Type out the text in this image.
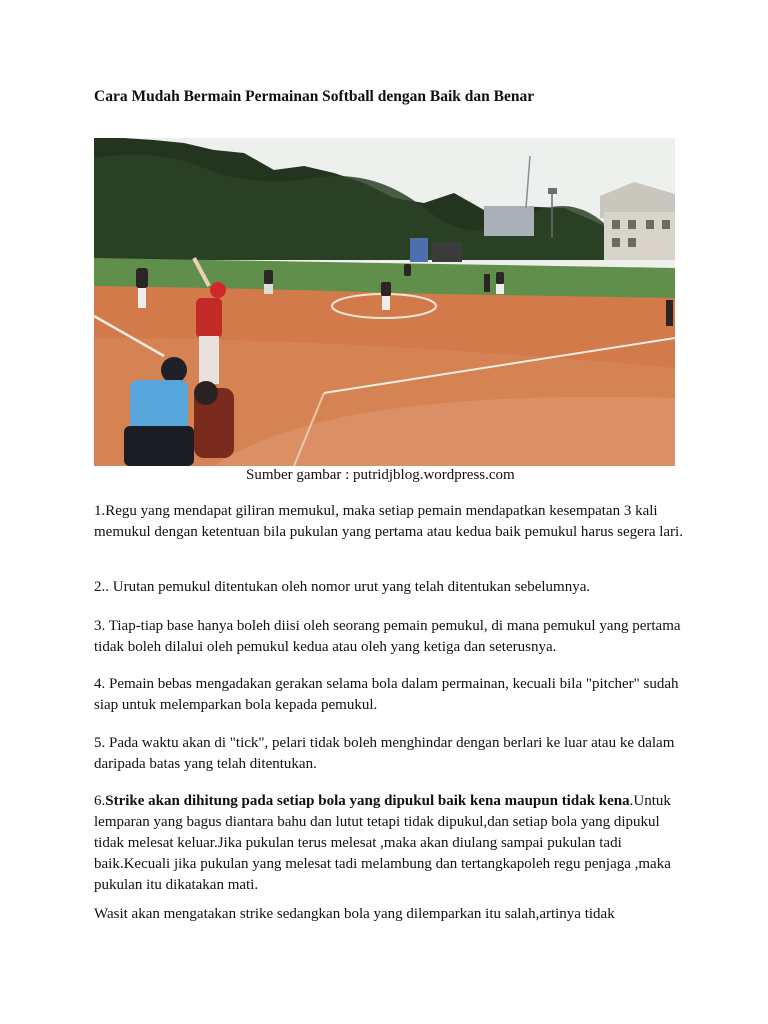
Cara Mudah Bermain Permainan Softball dengan Baik dan Benar
Sumber gambar : putridjblog.wordpress.com

1.Regu yang mendapat giliran memukul, maka setiap pemain mendapatkan kesempatan 3 kali memukul dengan ketentuan bila pukulan yang pertama atau kedua baik pemukul harus segera lari.

2.. Urutan pemukul ditentukan oleh nomor urut yang telah ditentukan sebelumnya.

3. Tiap-tiap base hanya boleh diisi oleh seorang pemain pemukul, di mana pemukul yang pertama tidak boleh dilalui oleh pemukul kedua atau oleh yang ketiga dan seterusnya.

4. Pemain bebas mengadakan gerakan selama bola dalam permainan, kecuali bila "pitcher" sudah siap untuk melemparkan bola kepada pemukul.

5. Pada waktu akan di "tick", pelari tidak boleh menghindar dengan berlari ke luar atau ke dalam daripada batas yang telah ditentukan.

6.Strike akan dihitung pada setiap bola yang dipukul baik kena maupun tidak kena.Untuk lemparan yang bagus diantara bahu dan lutut tetapi tidak dipukul,dan setiap bola yang dipukul tidak melesat keluar.Jika pukulan terus melesat ,maka akan diulang sampai pukulan tadi baik.Kecuali jika pukulan yang melesat tadi melambung dan tertangkapoleh regu penjaga ,maka pukulan itu dikatakan mati.

Wasit akan mengatakan strike sedangkan bola yang dilemparkan itu salah,artinya tidak
